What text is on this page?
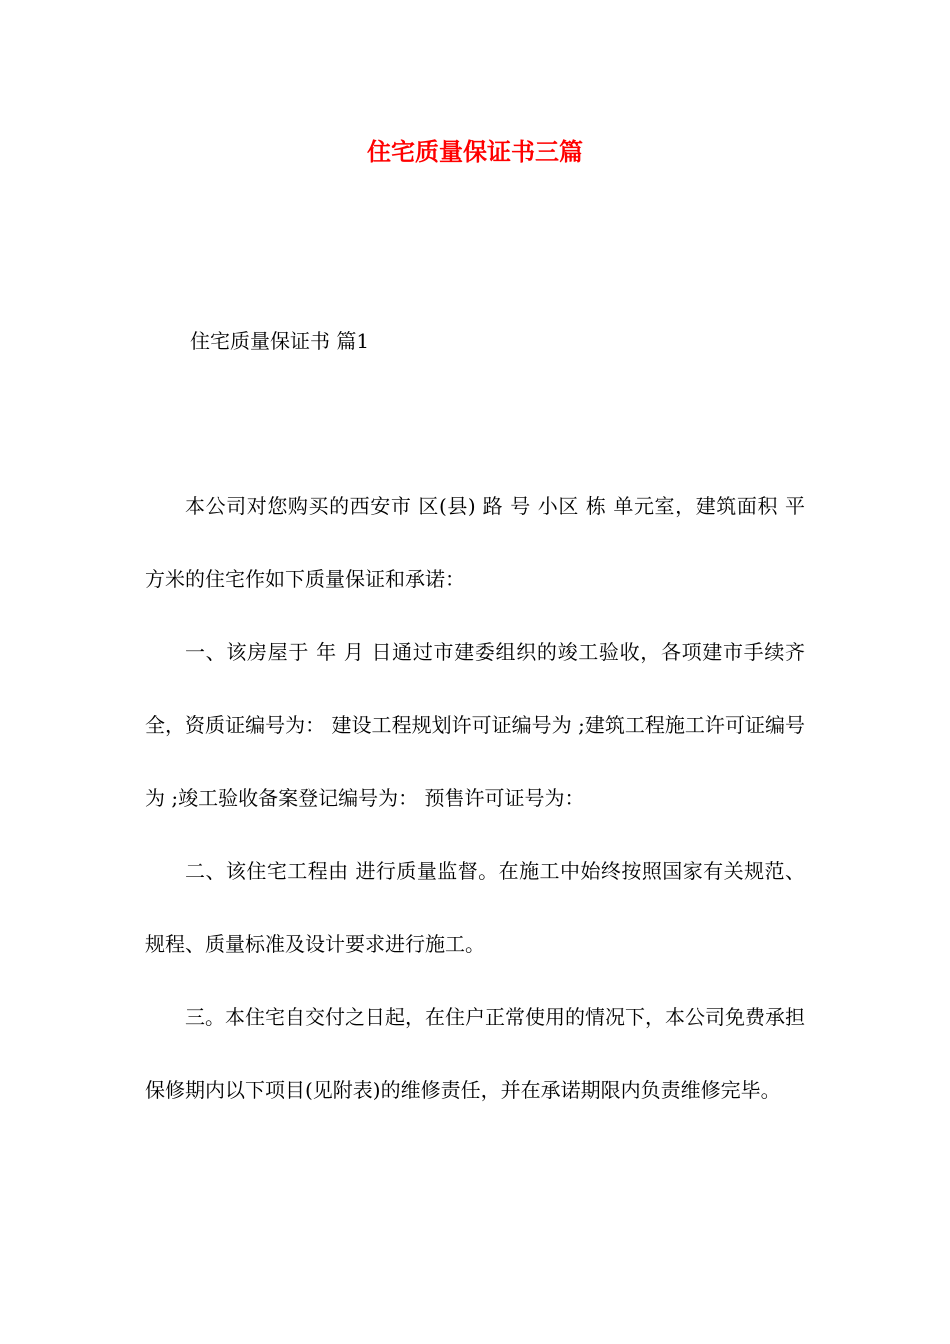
住宅质量保证书三篇
住宅质量保证书 篇1

本公司对您购买的西安市 区(县) 路 号 小区 栋 单元室，建筑面积 平方米的住宅作如下质量保证和承诺：

一、该房屋于 年 月 日通过市建委组织的竣工验收，各项建市手续齐全，资质证编号为： 建设工程规划许可证编号为 ;建筑工程施工许可证编号为 ;竣工验收备案登记编号为： 预售许可证号为：

二、该住宅工程由 进行质量监督。在施工中始终按照国家有关规范、规程、质量标准及设计要求进行施工。

三。本住宅自交付之日起，在住户正常使用的情况下，本公司免费承担保修期内以下项目(见附表)的维修责任，并在承诺期限内负责维修完毕。
